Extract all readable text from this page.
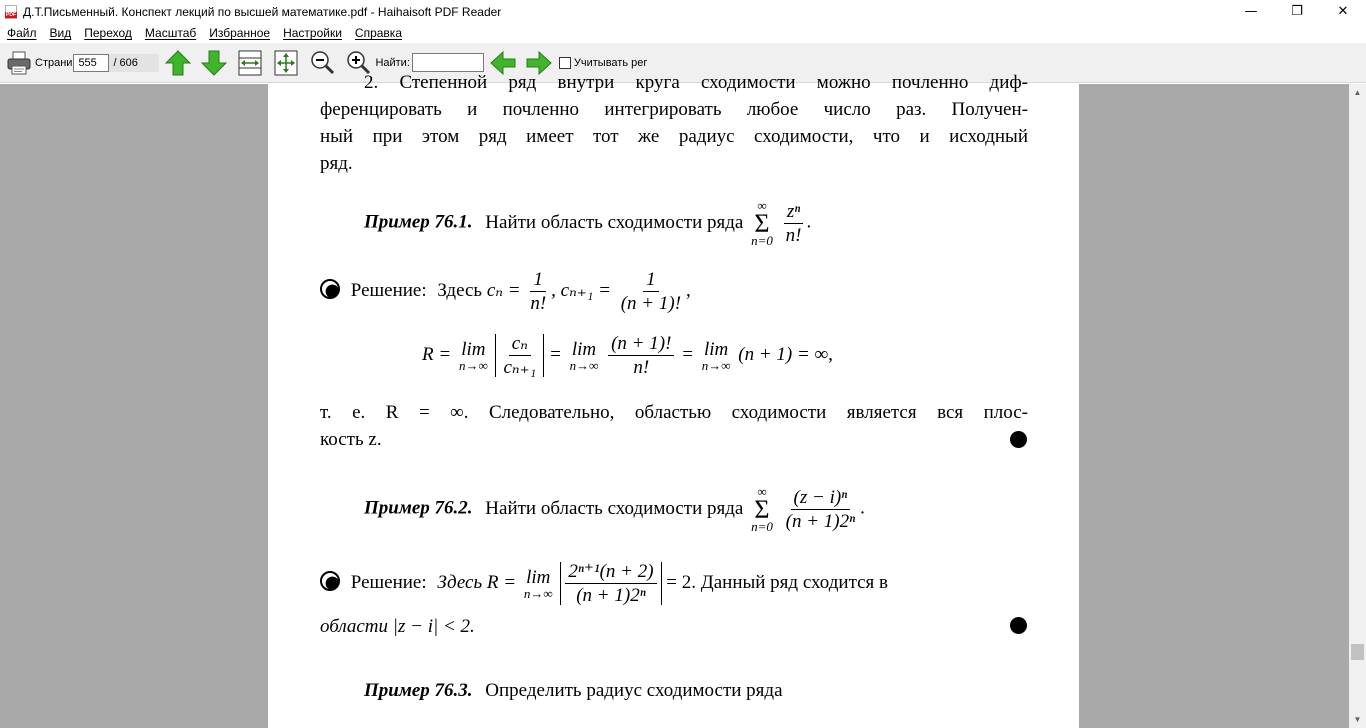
PDF
Д.Т.Письменный. Конспект лекций по высшей математике.pdf - Haihaisoft PDF Reader	—	❐	✕
Файл Вид Переход Масштаб Избранное Настройки Справка
Страни 555	/ 606	Найти:	Учитывать рег
2. Степенной ряд внутри круга сходимости можно почленно диф-
ференцировать и почленно интегрировать любое число раз. Получен-
ный при этом ряд имеет тот же радиус сходимости, что и исходный
ряд.
Пример 76.1. Найти область сходимости ряда
∞
Σ
n=0
$\frac{\text{zⁿ}}{n!}$ .
Решение: Здесь $c_n = \frac{1}{n!}$ , $c_{n+1} = \frac{1}{(n + 1)!}$ ,
R = lim
n→∞
$\frac{\text{cₙ}}{\text{cₙ₊₁}} = \lim$
n→∞
$\frac{(n + 1)!}{n!} = \lim$
n→∞
(n + 1) = ∞,
т. е. R = ∞. Следовательно, областью сходимости является вся плос-
кость z.
Пример 76.2. Найти область сходимости ряда
∞
Σ
n=0
$\frac{\text{(z − i)ⁿ}}{\text{(n + 1)2ⁿ}}$ .
Решение: Здесь R = lim
n→∞
$\frac{\text{2ⁿ⁺¹(n + 2)}}{\text{(n + 1)2ⁿ}} = 2$. Данный ряд сходится в
области |z − i| < 2.
Пример 76.3. Определить радиус сходимости ряда
▲
▼
